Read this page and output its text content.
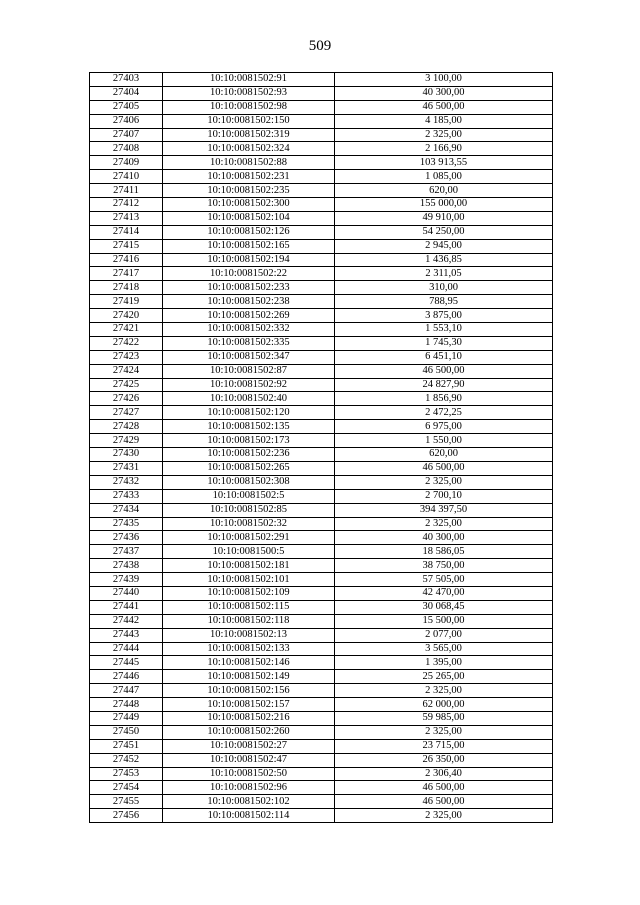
509
27403	10:10:0081502:91	3 100,00
27404	10:10:0081502:93	40 300,00
27405	10:10:0081502:98	46 500,00
27406	10:10:0081502:150	4 185,00
27407	10:10:0081502:319	2 325,00
27408	10:10:0081502:324	2 166,90
27409	10:10:0081502:88	103 913,55
27410	10:10:0081502:231	1 085,00
27411	10:10:0081502:235	620,00
27412	10:10:0081502:300	155 000,00
27413	10:10:0081502:104	49 910,00
27414	10:10:0081502:126	54 250,00
27415	10:10:0081502:165	2 945,00
27416	10:10:0081502:194	1 436,85
27417	10:10:0081502:22	2 311,05
27418	10:10:0081502:233	310,00
27419	10:10:0081502:238	788,95
27420	10:10:0081502:269	3 875,00
27421	10:10:0081502:332	1 553,10
27422	10:10:0081502:335	1 745,30
27423	10:10:0081502:347	6 451,10
27424	10:10:0081502:87	46 500,00
27425	10:10:0081502:92	24 827,90
27426	10:10:0081502:40	1 856,90
27427	10:10:0081502:120	2 472,25
27428	10:10:0081502:135	6 975,00
27429	10:10:0081502:173	1 550,00
27430	10:10:0081502:236	620,00
27431	10:10:0081502:265	46 500,00
27432	10:10:0081502:308	2 325,00
27433	10:10:0081502:5	2 700,10
27434	10:10:0081502:85	394 397,50
27435	10:10:0081502:32	2 325,00
27436	10:10:0081502:291	40 300,00
27437	10:10:0081500:5	18 586,05
27438	10:10:0081502:181	38 750,00
27439	10:10:0081502:101	57 505,00
27440	10:10:0081502:109	42 470,00
27441	10:10:0081502:115	30 068,45
27442	10:10:0081502:118	15 500,00
27443	10:10:0081502:13	2 077,00
27444	10:10:0081502:133	3 565,00
27445	10:10:0081502:146	1 395,00
27446	10:10:0081502:149	25 265,00
27447	10:10:0081502:156	2 325,00
27448	10:10:0081502:157	62 000,00
27449	10:10:0081502:216	59 985,00
27450	10:10:0081502:260	2 325,00
27451	10:10:0081502:27	23 715,00
27452	10:10:0081502:47	26 350,00
27453	10:10:0081502:50	2 306,40
27454	10:10:0081502:96	46 500,00
27455	10:10:0081502:102	46 500,00
27456	10:10:0081502:114	2 325,00
